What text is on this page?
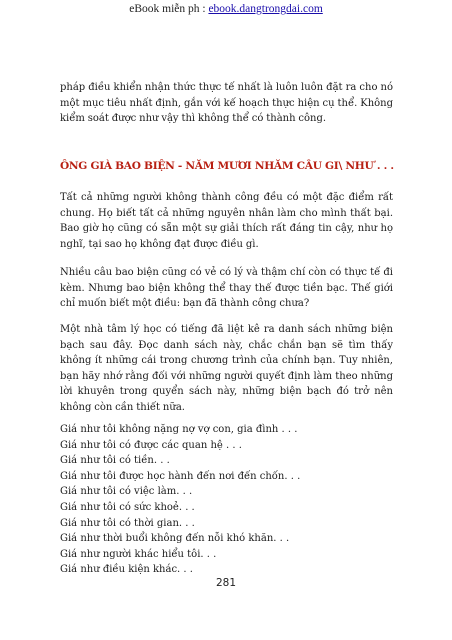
eBook miễn ph : ebook.dangtrongdai.com

pháp điều khiển nhận thức thực tế nhất là luôn luôn đặt ra cho nó một mục tiêu nhất định, gắn với kế hoạch thực hiện cụ thể. Không kiểm soát được như vậy thì không thể có thành công.

ÔNG GIÀ BAO BIỆN - NĂM MƯƠI NHĂM CÂU GI\ NHƯ . . .

Tất cả những người không thành công đều có một đặc điểm rất chung. Họ biết tất cả những nguyên nhân làm cho mình thất bại. Bao giờ họ cũng có sẵn một sự giải thích rất đáng tin cậy, như họ nghĩ, tại sao họ không đạt được điều gì.

Nhiều câu bao biện cũng có vẻ có lý và thậm chí còn có thực tế đi kèm. Nhưng bao biện không thể thay thế được tiền bạc. Thế giới chỉ muốn biết một điều: bạn đã thành công chưa?

Một nhà tâm lý học có tiếng đã liệt kê ra danh sách những biện bạch sau đây. Đọc danh sách này, chắc chắn bạn sẽ tìm thấy không ít những cái trong chương trình của chính bạn. Tuy nhiên, bạn hãy nhớ rằng đối với những người quyết định làm theo những lời khuyên trong quyển sách này, những biện bạch đó trở nên không còn cần thiết nữa.

Giá như tôi không nặng nợ vợ con, gia đình . . .
Giá như tôi có được các quan hệ . . .
Giá như tôi có tiền. . .
Giá như tôi được học hành đến nơi đến chốn. . .
Giá như tôi có việc làm. . .
Giá như tôi có sức khoẻ. . .
Giá như tôi có thời gian. . .
Giá như thời buổi không đến nỗi khó khăn. . .
Giá như người khác hiểu tôi. . .
Giá như điều kiện khác. . .
281
